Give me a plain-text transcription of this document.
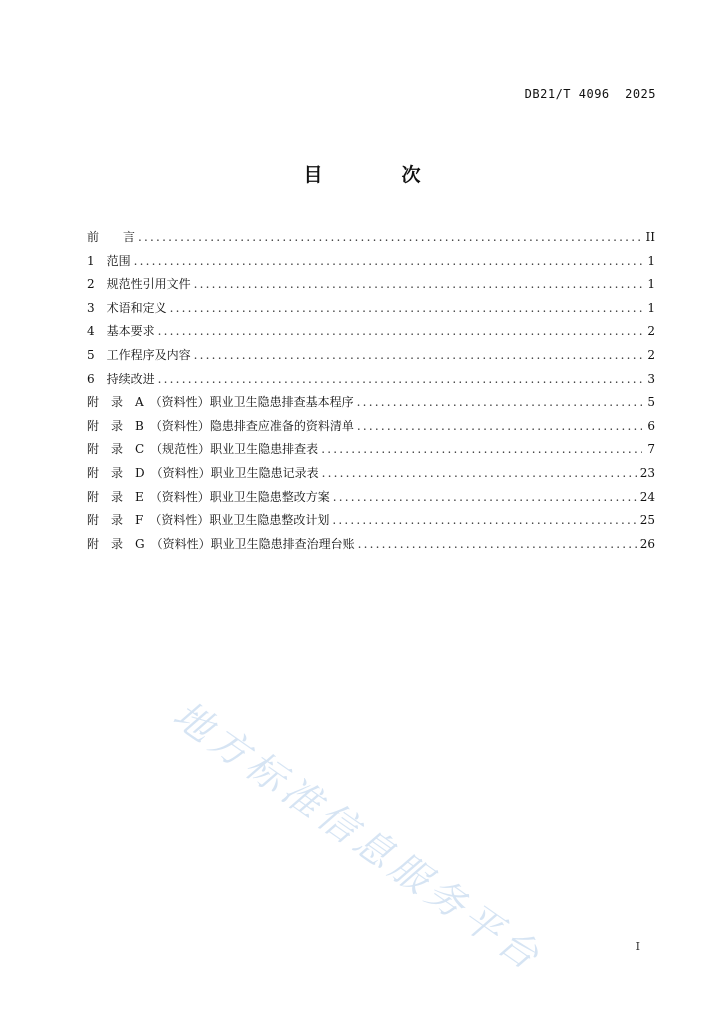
DB21/T 4096  2025
目　次
前　　言 .....	II
1　范围 .....	1
2　规范性引用文件 .....	1
3　术语和定义 .....	1
4　基本要求 .....	2
5　工作程序及内容 .....	2
6　持续改进 .....	3
附　录　A　（资料性）职业卫生隐患排查基本程序 .....	5
附　录　B　（资料性）隐患排查应准备的资料清单 .....	6
附　录　C　（规范性）职业卫生隐患排查表 .....	7
附　录　D　（资料性）职业卫生隐患记录表 .....	23
附　录　E　（资料性）职业卫生隐患整改方案 .....	24
附　录　F　（资料性）职业卫生隐患整改计划 .....	25
附　录　G　（资料性）职业卫生隐患排查治理台账 .....	26
地方标准信息服务平台	I
